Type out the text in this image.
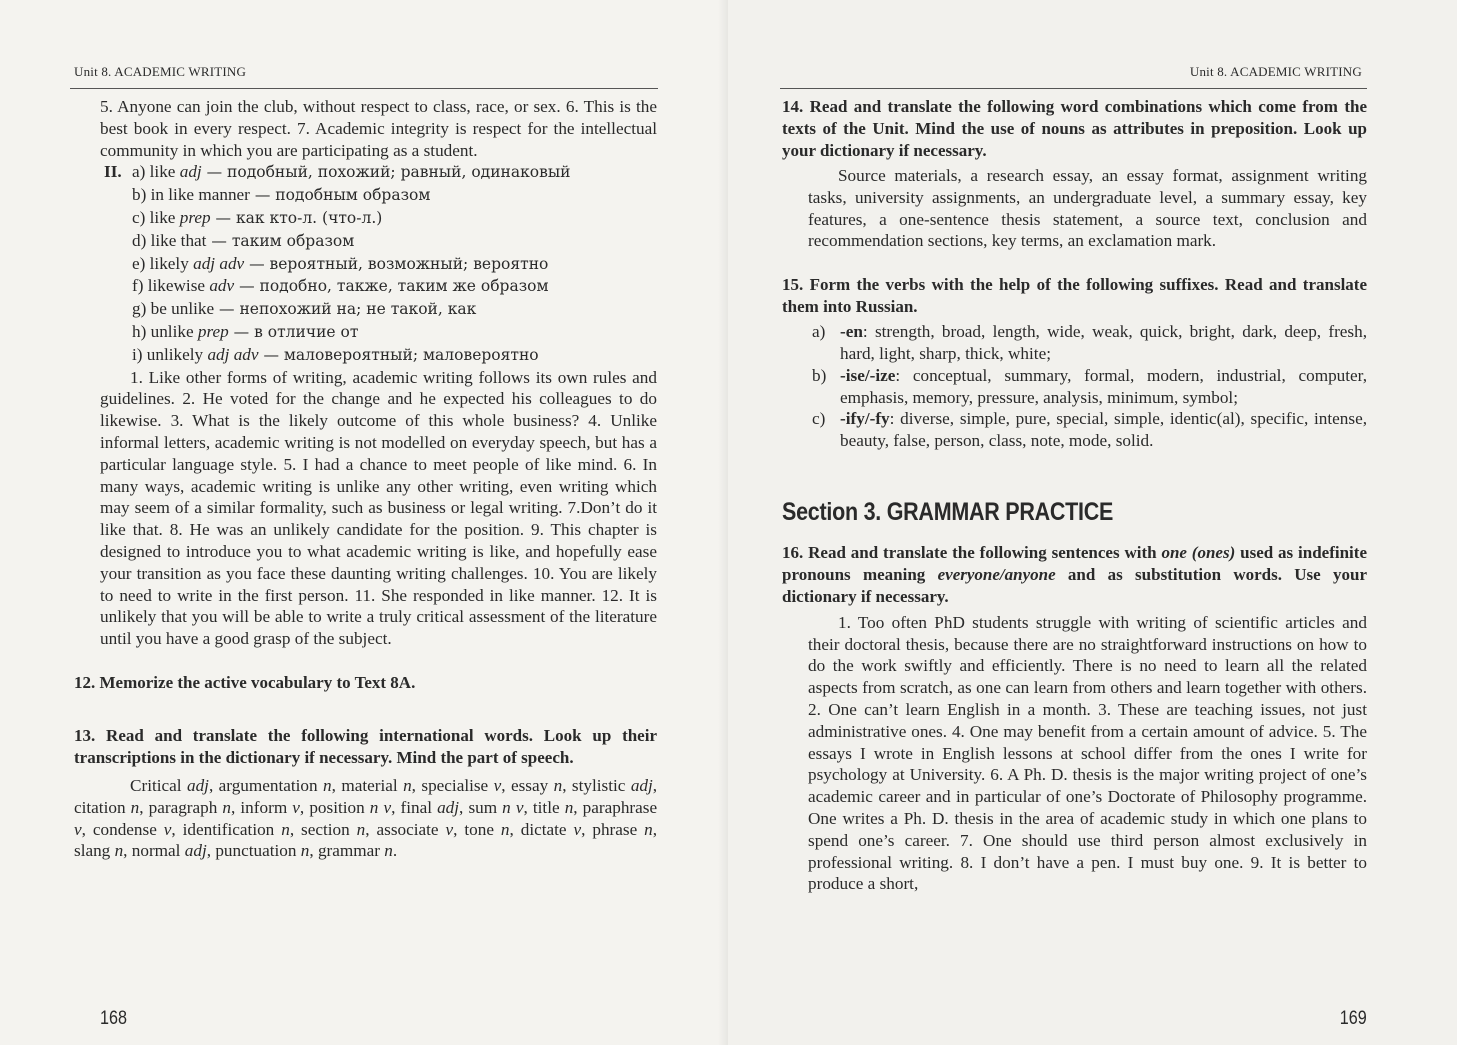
Unit 8. ACADEMIC WRITING

5. Anyone can join the club, without respect to class, race, or sex. 6. This is the best book in every respect. 7. Academic integrity is respect for the intellectual community in which you are participating as a student.

II. a) like adj — подобный, похожий; равный, одинаковый
b) in like manner — подобным образом
c) like prep — как кто-л. (что-л.)
d) like that — таким образом
e) likely adj adv — вероятный, возможный; вероятно
f) likewise adv — подобно, также, таким же образом
g) be unlike — непохожий на; не такой, как
h) unlike prep — в отличие от
i) unlikely adj adv — маловероятный; маловероятно

1. Like other forms of writing, academic writing follows its own rules and guidelines. 2. He voted for the change and he expected his colleagues to do likewise. 3. What is the likely outcome of this whole business? 4. Unlike informal letters, academic writing is not modelled on everyday speech, but has a particular language style. 5. I had a chance to meet people of like mind. 6. In many ways, academic writing is unlike any other writing, even writing which may seem of a similar formality, such as business or legal writing. 7.Don’t do it like that. 8. He was an unlikely candidate for the position. 9. This chapter is designed to introduce you to what academic writing is like, and hopefully ease your transition as you face these daunting writing challenges. 10. You are likely to need to write in the first person. 11. She responded in like manner. 12. It is unlikely that you will be able to write a truly critical assessment of the literature until you have a good grasp of the subject.

12. Memorize the active vocabulary to Text 8A.

13. Read and translate the following international words. Look up their transcriptions in the dictionary if necessary. Mind the part of speech.

Critical adj, argumentation n, material n, specialise v, essay n, stylistic adj, citation n, paragraph n, inform v, position n v, final adj, sum n v, title n, paraphrase v, condense v, identification n, section n, associate v, tone n, dictate v, phrase n, slang n, normal adj, punctuation n, grammar n.

168
Unit 8. ACADEMIC WRITING

14. Read and translate the following word combinations which come from the texts of the Unit. Mind the use of nouns as attributes in preposition. Look up your dictionary if necessary.

Source materials, a research essay, an essay format, assignment writing tasks, university assignments, an undergraduate level, a summary essay, key features, a one-sentence thesis statement, a source text, conclusion and recommendation sections, key terms, an exclamation mark.

15. Form the verbs with the help of the following suffixes. Read and translate them into Russian.

a) -en: strength, broad, length, wide, weak, quick, bright, dark, deep, fresh, hard, light, sharp, thick, white;
b) -ise/-ize: conceptual, summary, formal, modern, industrial, computer, emphasis, memory, pressure, analysis, minimum, symbol;
c) -ify/-fy: diverse, simple, pure, special, simple, identic(al), specific, intense, beauty, false, person, class, note, mode, solid.
Section 3. GRAMMAR PRACTICE

16. Read and translate the following sentences with one (ones) used as indefinite pronouns meaning everyone/anyone and as substitution words. Use your dictionary if necessary.

1. Too often PhD students struggle with writing of scientific articles and their doctoral thesis, because there are no straightforward instructions on how to do the work swiftly and efficiently. There is no need to learn all the related aspects from scratch, as one can learn from others and learn together with others. 2. One can’t learn English in a month. 3. These are teaching issues, not just administrative ones. 4. One may benefit from a certain amount of advice. 5. The essays I wrote in English lessons at school differ from the ones I write for psychology at University. 6. A Ph. D. thesis is the major writing project of one’s academic career and in particular of one’s Doctorate of Philosophy programme. One writes a Ph. D. thesis in the area of academic study in which one plans to spend one’s career. 7. One should use third person almost exclusively in professional writing. 8. I don’t have a pen. I must buy one. 9. It is better to produce a short,

169
